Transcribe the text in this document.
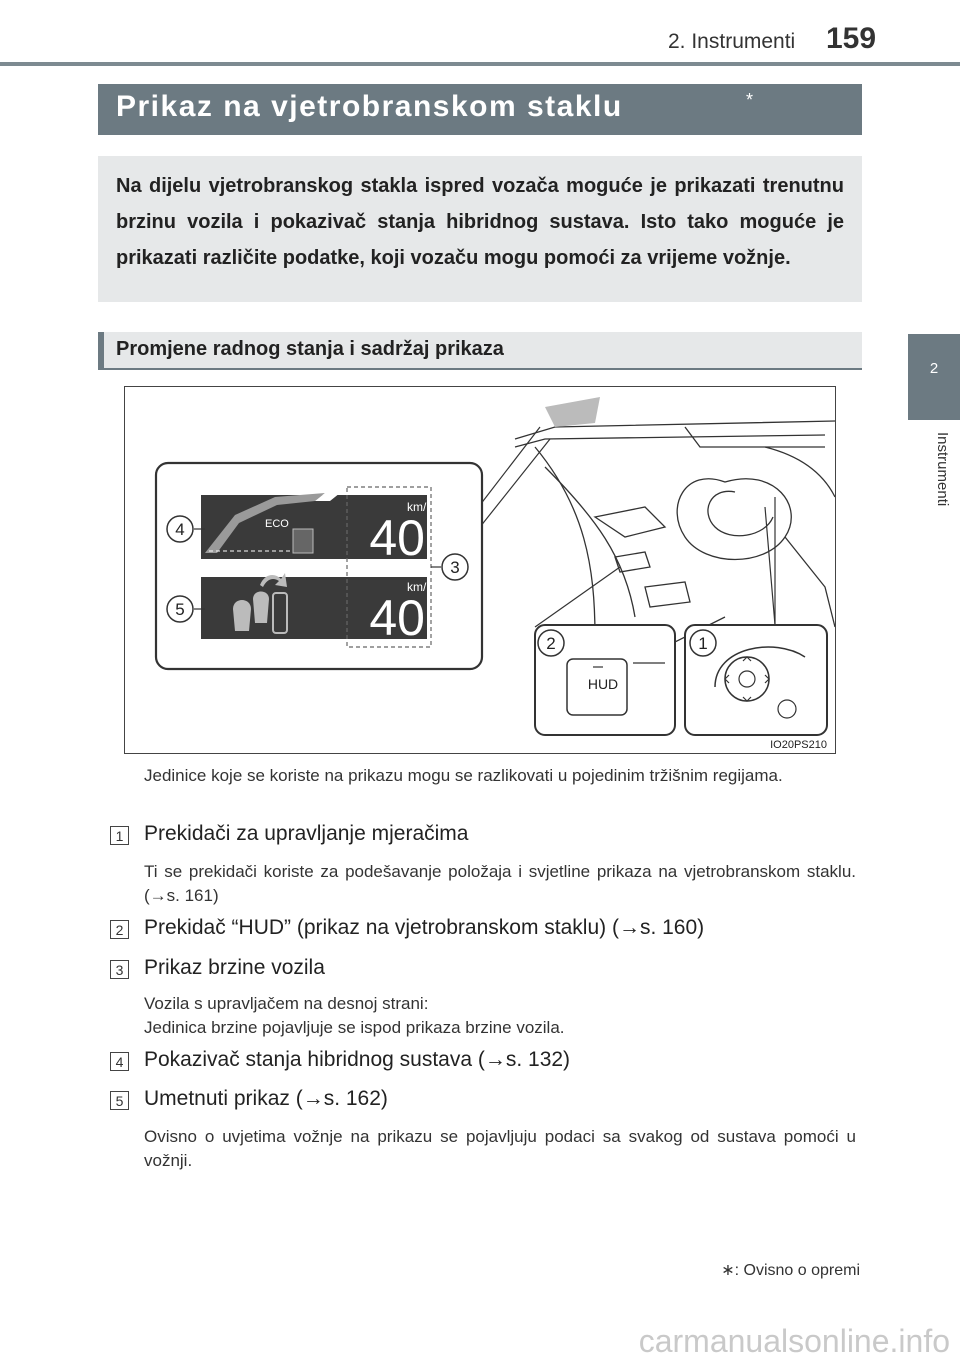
2. Instrumenti 159
2
Instrumenti
Prikaz na vjetrobranskom staklu	*

Na dijelu vjetrobranskog stakla ispred vozača moguće je prikazati trenutnu brzinu vozila i pokazivač stanja hibridnog sustava. Isto tako moguće je prikazati različite podatke, koji vozaču mogu pomoći za vrijeme vožnje.

Promjene radnog stanja i sadržaj prikaza
ECO
km/h
40
km/h
40
4
5
3
HUD
2	1
IO20PS210
Jedinice koje se koriste na prikazu mogu se razlikovati u pojedinim tržišnim regijama.
1 Prekidači za upravljanje mjeračima
Ti se prekidači koriste za podešavanje položaja i svjetline prikaza na vjetrobranskom staklu. (→s. 161)
2 Prekidač “HUD” (prikaz na vjetrobranskom staklu) (→s. 160)
3 Prikaz brzine vozila
Vozila s upravljačem na desnoj strani:
Jedinica brzine pojavljuje se ispod prikaza brzine vozila.
4 Pokazivač stanja hibridnog sustava (→s. 132)
5 Umetnuti prikaz (→s. 162)
Ovisno o uvjetima vožnje na prikazu se pojavljuju podaci sa svakog od sustava pomoći u vožnji.
∗: Ovisno o opremi
carmanualsonline.info
